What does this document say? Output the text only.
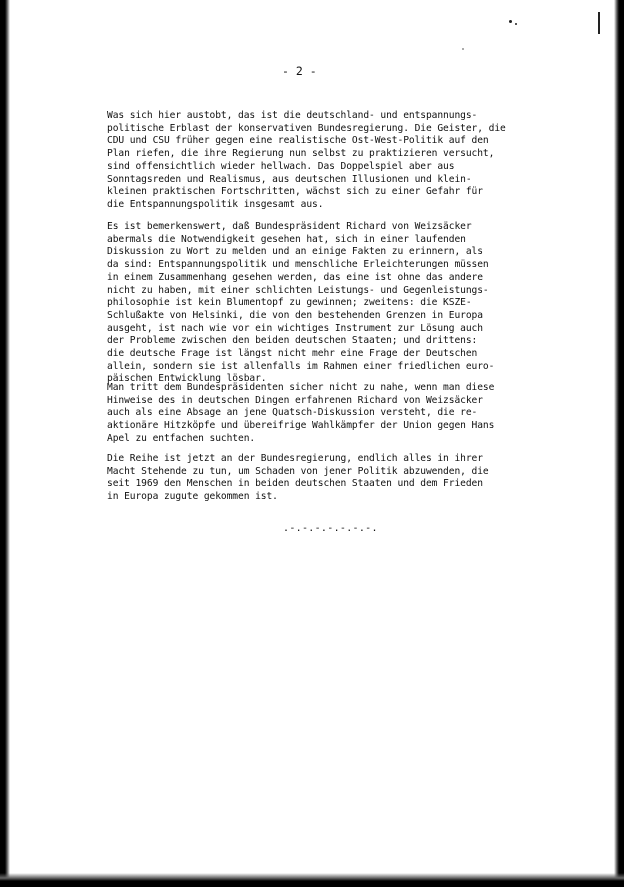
- 2 -

Was sich hier austobt, das ist die deutschland- und entspannungs-
politische Erblast der konservativen Bundesregierung. Die Geister, die
CDU und CSU früher gegen eine realistische Ost-West-Politik auf den
Plan riefen, die ihre Regierung nun selbst zu praktizieren versucht,
sind offensichtlich wieder hellwach. Das Doppelspiel aber aus
Sonntagsreden und Realismus, aus deutschen Illusionen und klein-
kleinen praktischen Fortschritten, wächst sich zu einer Gefahr für
die Entspannungspolitik insgesamt aus.

Es ist bemerkenswert, daß Bundespräsident Richard von Weizsäcker
abermals die Notwendigkeit gesehen hat, sich in einer laufenden
Diskussion zu Wort zu melden und an einige Fakten zu erinnern, als
da sind: Entspannungspolitik und menschliche Erleichterungen müssen
in einem Zusammenhang gesehen werden, das eine ist ohne das andere
nicht zu haben, mit einer schlichten Leistungs- und Gegenleistungs-
philosophie ist kein Blumentopf zu gewinnen; zweitens: die KSZE-
Schlußakte von Helsinki, die von den bestehenden Grenzen in Europa
ausgeht, ist nach wie vor ein wichtiges Instrument zur Lösung auch
der Probleme zwischen den beiden deutschen Staaten; und drittens:
die deutsche Frage ist längst nicht mehr eine Frage der Deutschen
allein, sondern sie ist allenfalls im Rahmen einer friedlichen euro-
päischen Entwicklung lösbar.

Man tritt dem Bundespräsidenten sicher nicht zu nahe, wenn man diese
Hinweise des in deutschen Dingen erfahrenen Richard von Weizsäcker
auch als eine Absage an jene Quatsch-Diskussion versteht, die re-
aktionäre Hitzköpfe und übereifrige Wahlkämpfer der Union gegen Hans
Apel zu entfachen suchten.

Die Reihe ist jetzt an der Bundesregierung, endlich alles in ihrer
Macht Stehende zu tun, um Schaden von jener Politik abzuwenden, die
seit 1969 den Menschen in beiden deutschen Staaten und dem Frieden
in Europa zugute gekommen ist.

.-.-.-.-.-.-.-.
